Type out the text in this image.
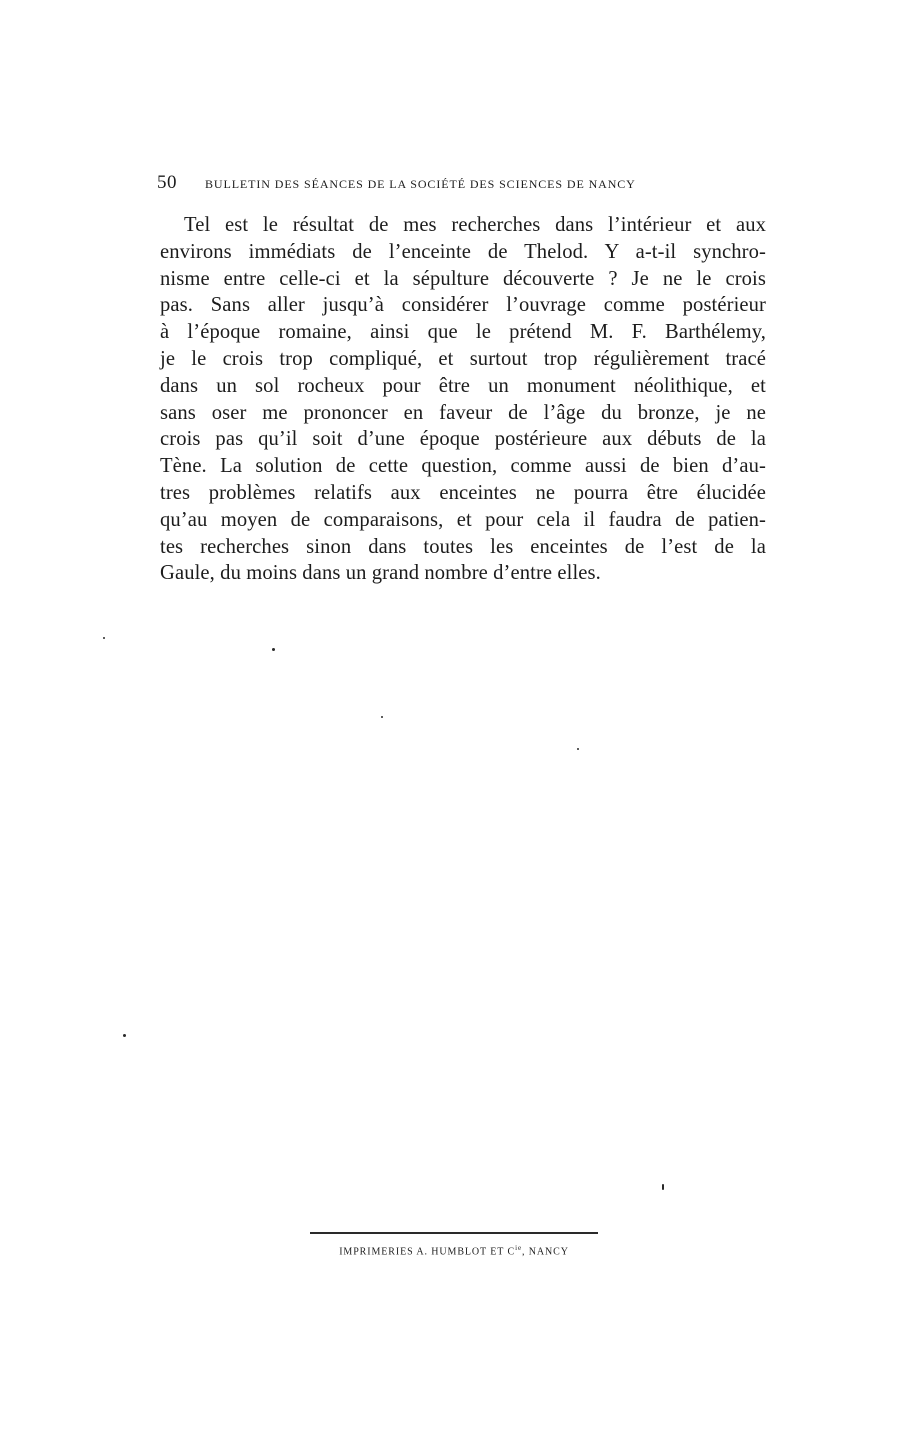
50 BULLETIN DES SÉANCES DE LA SOCIÉTÉ DES SCIENCES DE NANCY
Tel est le résultat de mes recherches dans l’intérieur et aux
environs immédiats de l’enceinte de Thelod. Y a-t-il synchro-
nisme entre celle-ci et la sépulture découverte ? Je ne le crois
pas. Sans aller jusqu’à considérer l’ouvrage comme postérieur
à l’époque romaine, ainsi que le prétend M. F. Barthélemy,
je le crois trop compliqué, et surtout trop régulièrement tracé
dans un sol rocheux pour être un monument néolithique, et
sans oser me prononcer en faveur de l’âge du bronze, je ne
crois pas qu’il soit d’une époque postérieure aux débuts de la
Tène. La solution de cette question, comme aussi de bien d’au-
tres problèmes relatifs aux enceintes ne pourra être élucidée
qu’au moyen de comparaisons, et pour cela il faudra de patien-
tes recherches sinon dans toutes les enceintes de l’est de la
Gaule, du moins dans un grand nombre d’entre elles.
IMPRIMERIES A. HUMBLOT ET $C^{ie}$, NANCY
